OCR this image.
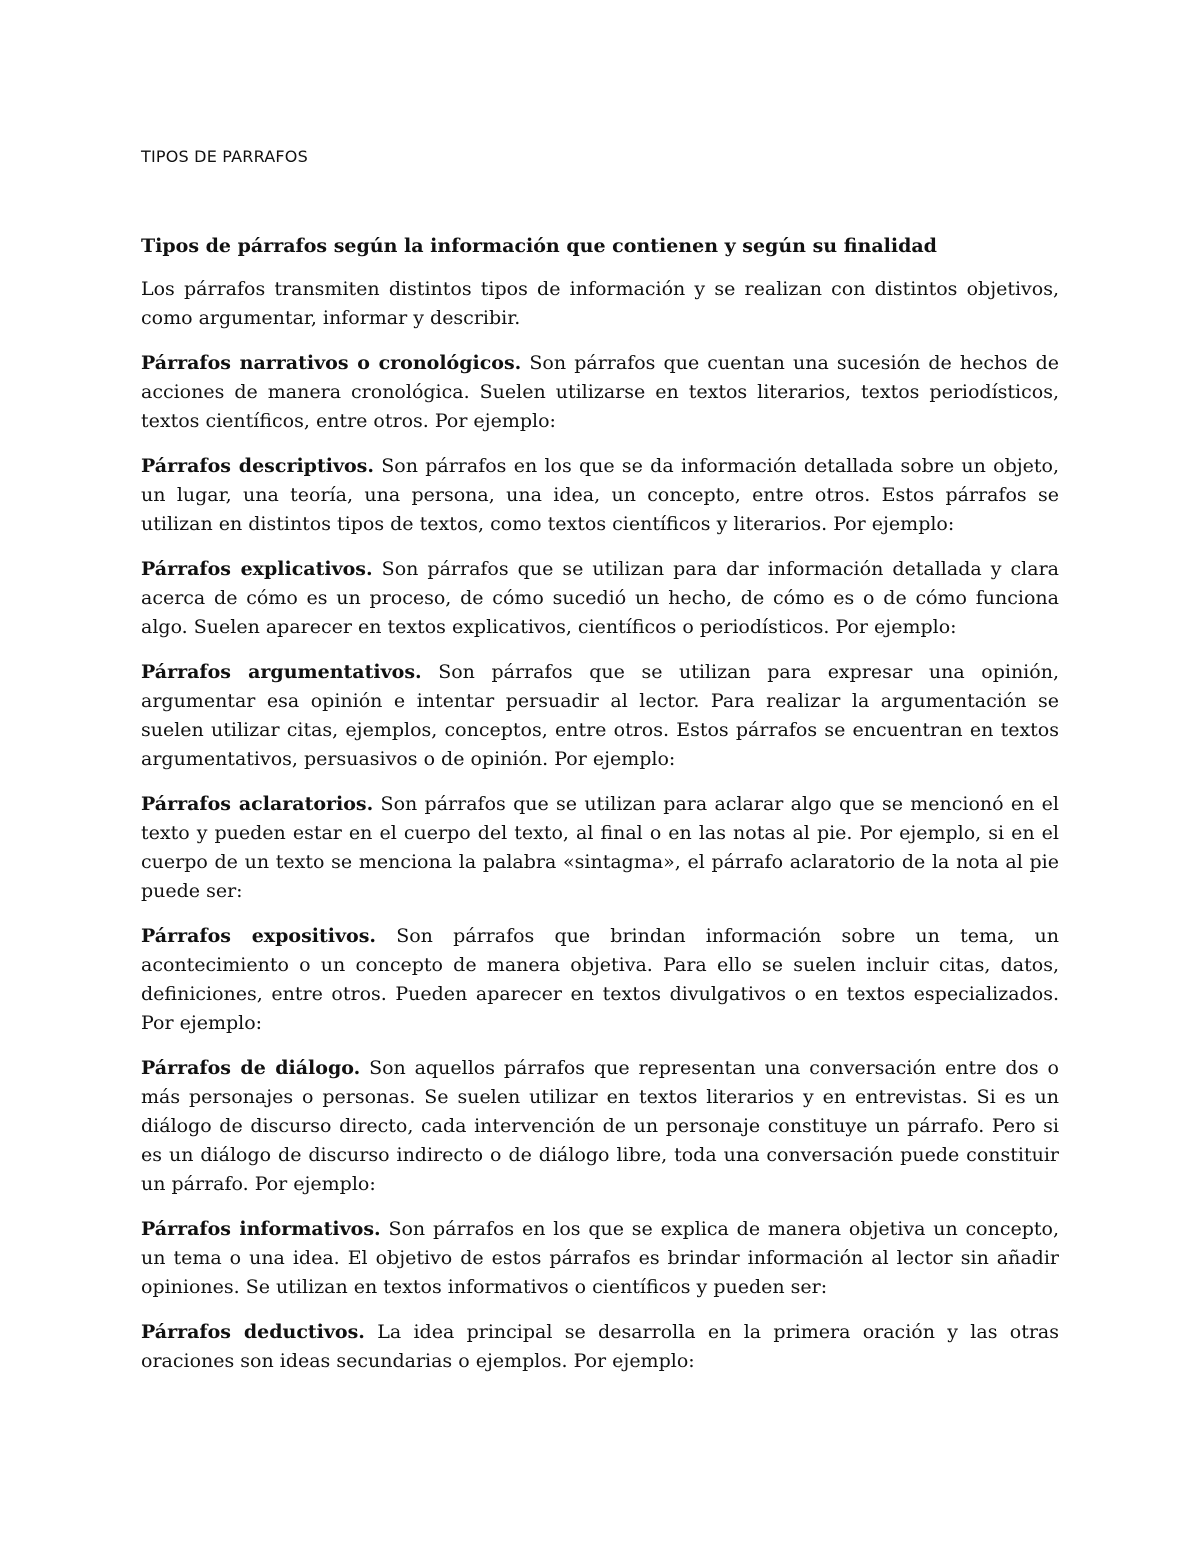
TIPOS DE PARRAFOS
Tipos de párrafos según la información que contienen y según su finalidad

Los párrafos transmiten distintos tipos de información y se realizan con distintos objetivos, como argumentar, informar y describir.

Párrafos narrativos o cronológicos. Son párrafos que cuentan una sucesión de hechos de acciones de manera cronológica. Suelen utilizarse en textos literarios, textos periodísticos, textos científicos, entre otros. Por ejemplo:

Párrafos descriptivos. Son párrafos en los que se da información detallada sobre un objeto, un lugar, una teoría, una persona, una idea, un concepto, entre otros. Estos párrafos se utilizan en distintos tipos de textos, como textos científicos y literarios. Por ejemplo:

Párrafos explicativos. Son párrafos que se utilizan para dar información detallada y clara acerca de cómo es un proceso, de cómo sucedió un hecho, de cómo es o de cómo funciona algo. Suelen aparecer en textos explicativos, científicos o periodísticos. Por ejemplo:

Párrafos argumentativos. Son párrafos que se utilizan para expresar una opinión, argumentar esa opinión e intentar persuadir al lector. Para realizar la argumentación se suelen utilizar citas, ejemplos, conceptos, entre otros. Estos párrafos se encuentran en textos argumentativos, persuasivos o de opinión. Por ejemplo:

Párrafos aclaratorios. Son párrafos que se utilizan para aclarar algo que se mencionó en el texto y pueden estar en el cuerpo del texto, al final o en las notas al pie. Por ejemplo, si en el cuerpo de un texto se menciona la palabra «sintagma», el párrafo aclaratorio de la nota al pie puede ser:

Párrafos expositivos. Son párrafos que brindan información sobre un tema, un acontecimiento o un concepto de manera objetiva. Para ello se suelen incluir citas, datos, definiciones, entre otros. Pueden aparecer en textos divulgativos o en textos especializados. Por ejemplo:

Párrafos de diálogo. Son aquellos párrafos que representan una conversación entre dos o más personajes o personas. Se suelen utilizar en textos literarios y en entrevistas. Si es un diálogo de discurso directo, cada intervención de un personaje constituye un párrafo. Pero si es un diálogo de discurso indirecto o de diálogo libre, toda una conversación puede constituir un párrafo. Por ejemplo:

Párrafos informativos. Son párrafos en los que se explica de manera objetiva un concepto, un tema o una idea. El objetivo de estos párrafos es brindar información al lector sin añadir opiniones. Se utilizan en textos informativos o científicos y pueden ser:

Párrafos deductivos. La idea principal se desarrolla en la primera oración y las otras oraciones son ideas secundarias o ejemplos. Por ejemplo:
